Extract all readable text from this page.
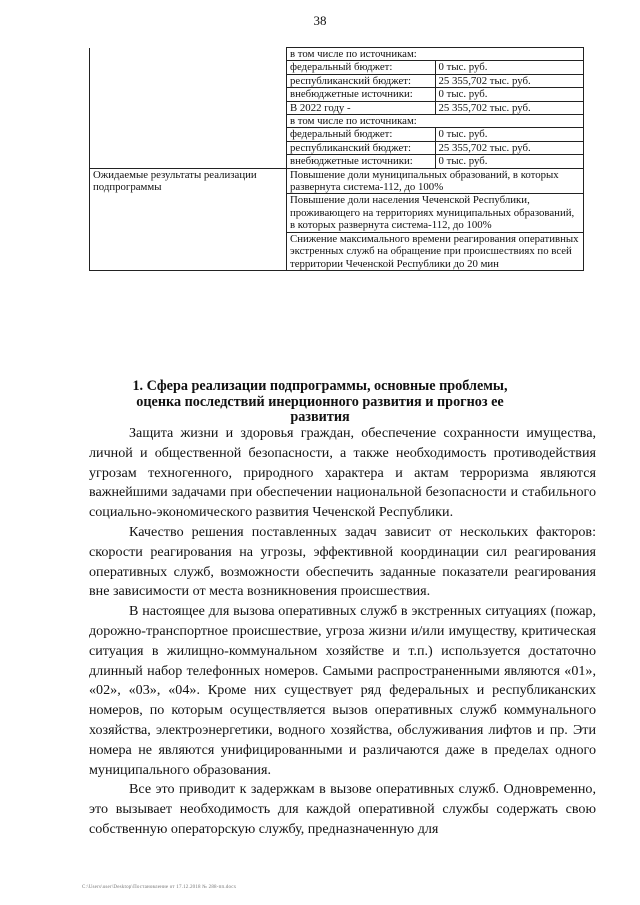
38
	в том числе по источникам:	
	федеральный бюджет:	0 тыс. руб.
	республиканский бюджет:	25 355,702 тыс. руб.
	внебюджетные источники:	0 тыс. руб.
	В 2022 году -	25 355,702 тыс. руб.
	в том числе по источникам:	
	федеральный бюджет:	0 тыс. руб.
	республиканский бюджет:	25 355,702 тыс. руб.
	внебюджетные источники:	0 тыс. руб.
Ожидаемые результаты реализации подпрограммы	Повышение доли муниципальных образований, в которых развернута система-112, до 100%	
	Повышение доли населения Чеченской Республики, проживающего на территориях муниципальных образований, в которых развернута система-112, до 100%	
	Снижение максимального времени реагирования оперативных экстренных служб на обращение при происшествиях по всей территории Чеченской Республики до 20 мин	
1. Сфера реализации подпрограммы, основные проблемы, оценка последствий инерционного развития и прогноз ее развития

Защита жизни и здоровья граждан, обеспечение сохранности имущества, личной и общественной безопасности, а также необходимость противодействия угрозам техногенного, природного характера и актам терроризма являются важнейшими задачами при обеспечении национальной безопасности и стабильного социально-экономического развития Чеченской Республики.

Качество решения поставленных задач зависит от нескольких факторов: скорости реагирования на угрозы, эффективной координации сил реагирования оперативных служб, возможности обеспечить заданные показатели реагирования вне зависимости от места возникновения происшествия.

В настоящее для вызова оперативных служб в экстренных ситуациях (пожар, дорожно-транспортное происшествие, угроза жизни и/или имуществу, критическая ситуация в жилищно-коммунальном хозяйстве и т.п.) используется достаточно длинный набор телефонных номеров. Самыми распространенными являются «01», «02», «03», «04». Кроме них существует ряд федеральных и республиканских номеров, по которым осуществляется вызов оперативных служб коммунального хозяйства, электроэнергетики, водного хозяйства, обслуживания лифтов и пр. Эти номера не являются унифицированными и различаются даже в пределах одного муниципального образования.

Все это приводит к задержкам в вызове оперативных служб. Одновременно, это вызывает необходимость для каждой оперативной службы содержать свою собственную операторскую службу, предназначенную для

C:\Users\user\Desktop\Постановление от 17.12.2018 № 288-пп.docx
